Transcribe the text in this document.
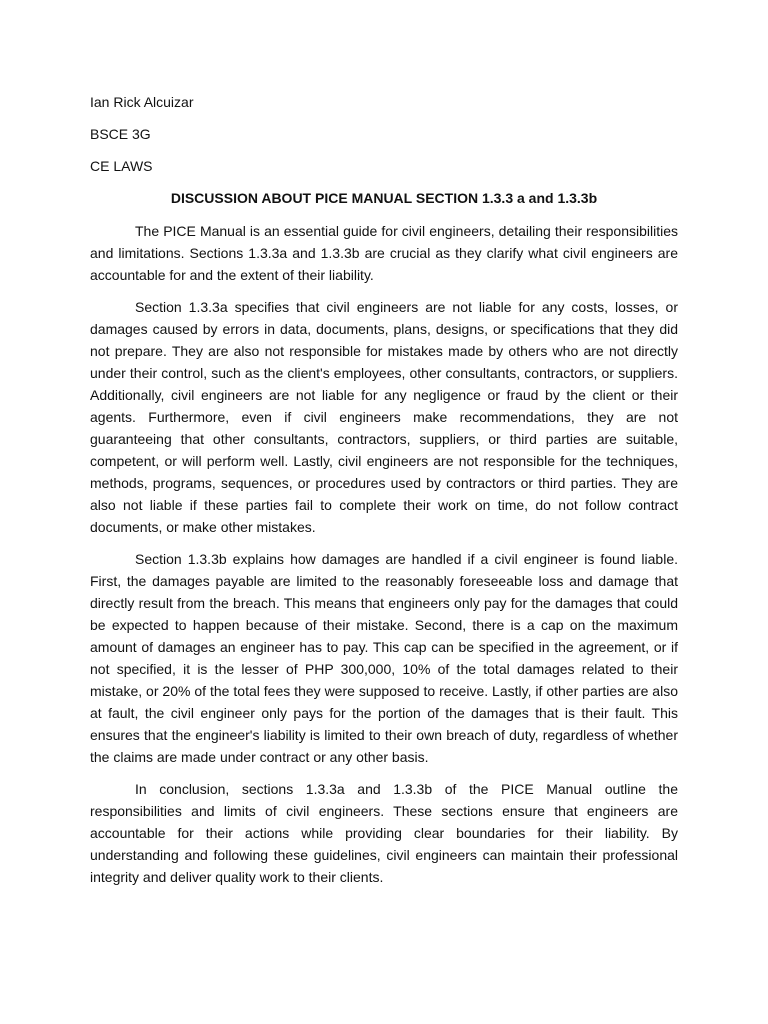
Ian Rick Alcuizar

BSCE 3G

CE LAWS

DISCUSSION ABOUT PICE MANUAL SECTION 1.3.3 a and 1.3.3b

The PICE Manual is an essential guide for civil engineers, detailing their responsibilities and limitations. Sections 1.3.3a and 1.3.3b are crucial as they clarify what civil engineers are accountable for and the extent of their liability.

Section 1.3.3a specifies that civil engineers are not liable for any costs, losses, or damages caused by errors in data, documents, plans, designs, or specifications that they did not prepare. They are also not responsible for mistakes made by others who are not directly under their control, such as the client's employees, other consultants, contractors, or suppliers. Additionally, civil engineers are not liable for any negligence or fraud by the client or their agents. Furthermore, even if civil engineers make recommendations, they are not guaranteeing that other consultants, contractors, suppliers, or third parties are suitable, competent, or will perform well. Lastly, civil engineers are not responsible for the techniques, methods, programs, sequences, or procedures used by contractors or third parties. They are also not liable if these parties fail to complete their work on time, do not follow contract documents, or make other mistakes.

Section 1.3.3b explains how damages are handled if a civil engineer is found liable. First, the damages payable are limited to the reasonably foreseeable loss and damage that directly result from the breach. This means that engineers only pay for the damages that could be expected to happen because of their mistake. Second, there is a cap on the maximum amount of damages an engineer has to pay. This cap can be specified in the agreement, or if not specified, it is the lesser of PHP 300,000, 10% of the total damages related to their mistake, or 20% of the total fees they were supposed to receive. Lastly, if other parties are also at fault, the civil engineer only pays for the portion of the damages that is their fault. This ensures that the engineer's liability is limited to their own breach of duty, regardless of whether the claims are made under contract or any other basis.

In conclusion, sections 1.3.3a and 1.3.3b of the PICE Manual outline the responsibilities and limits of civil engineers. These sections ensure that engineers are accountable for their actions while providing clear boundaries for their liability. By understanding and following these guidelines, civil engineers can maintain their professional integrity and deliver quality work to their clients.
